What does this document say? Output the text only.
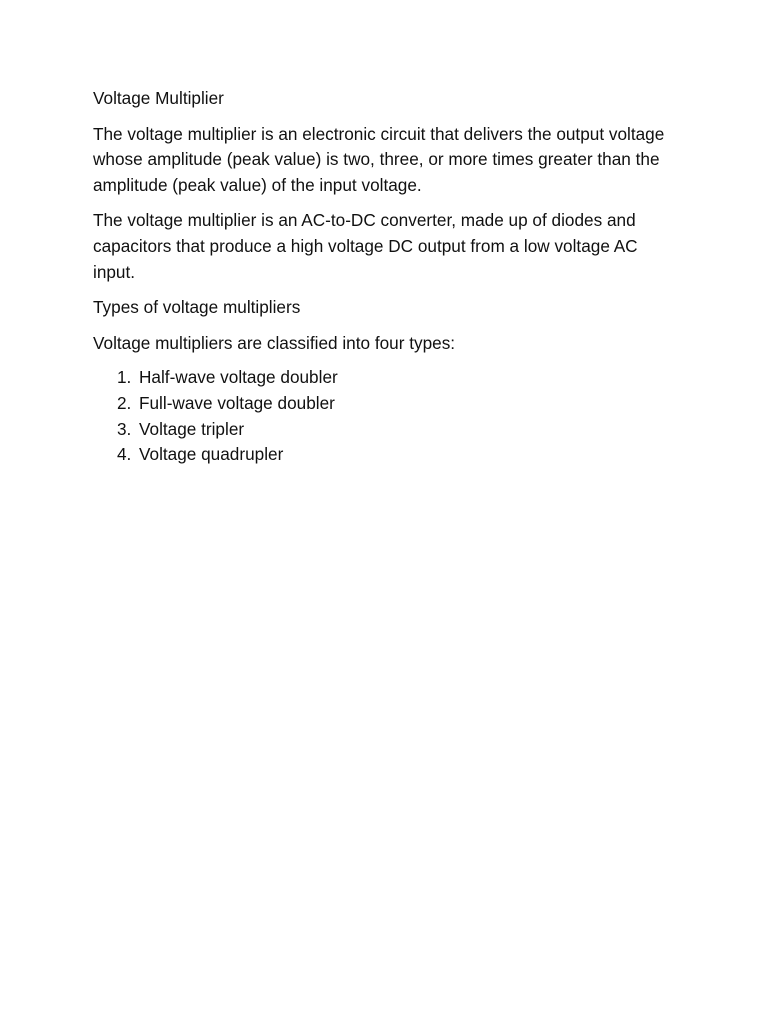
Voltage Multiplier

The voltage multiplier is an electronic circuit that delivers the output voltage whose amplitude (peak value) is two, three, or more times greater than the amplitude (peak value) of the input voltage.

The voltage multiplier is an AC-to-DC converter, made up of diodes and capacitors that produce a high voltage DC output from a low voltage AC input.

Types of voltage multipliers

Voltage multipliers are classified into four types:

1. Half-wave voltage doubler
2. Full-wave voltage doubler
3. Voltage tripler
4. Voltage quadrupler
